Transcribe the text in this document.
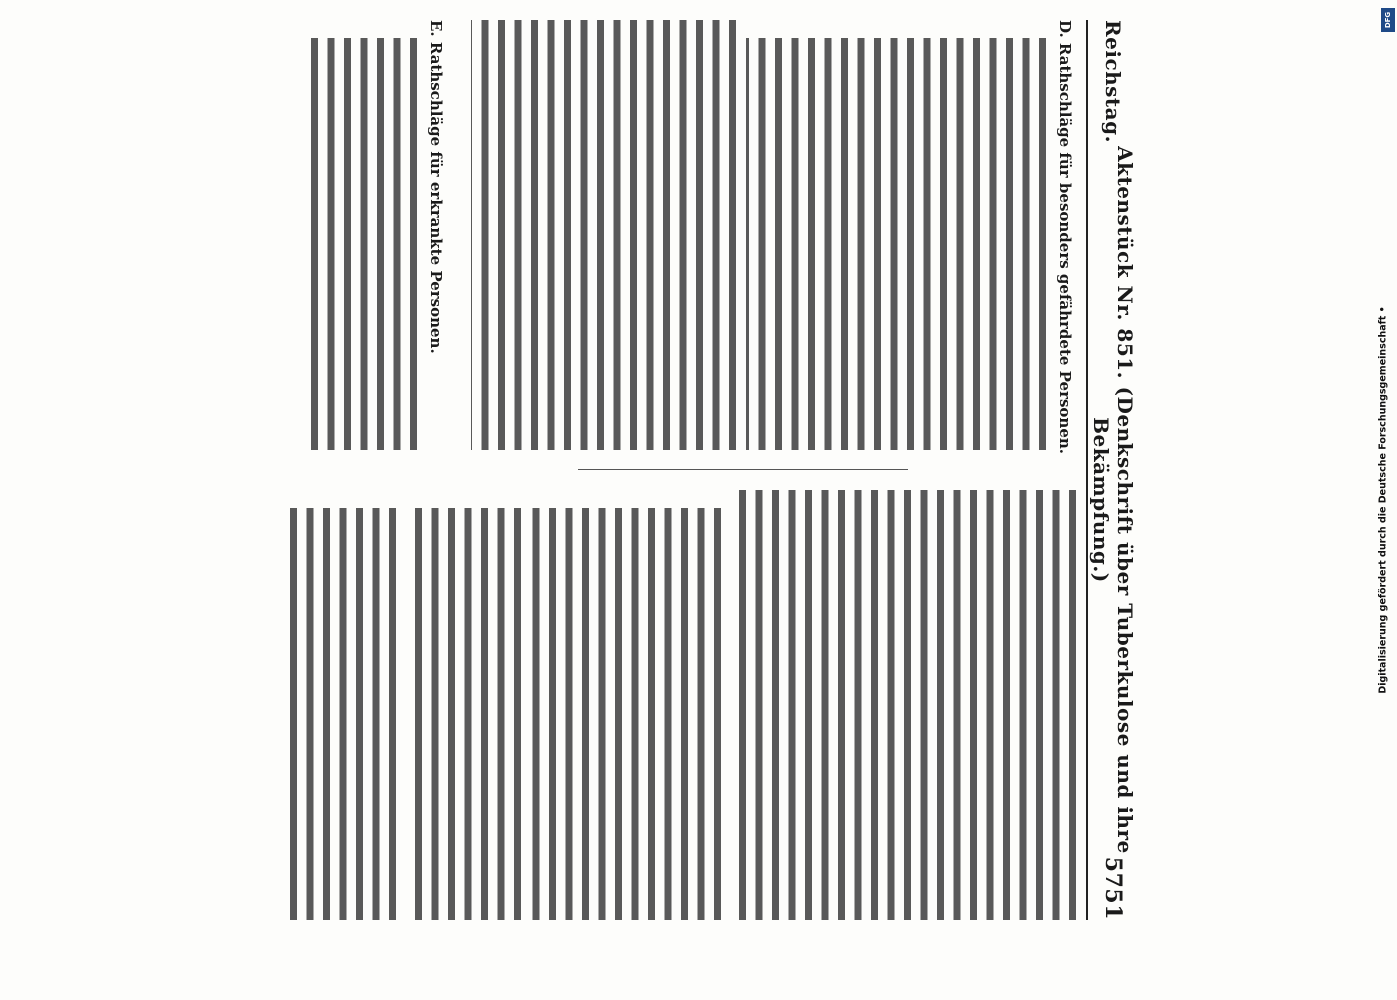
Reichstag.
Aktenstück Nr. 851. (Denkschrift über Tuberkulose und ihre Bekämpfung.)
5751
D. Rathschläge für besonders gefährdete Personen.
E. Rathschläge für erkrankte Personen.	DFG
Digitalisierung gefördert durch die Deutsche Forschungsgemeinschaft •
